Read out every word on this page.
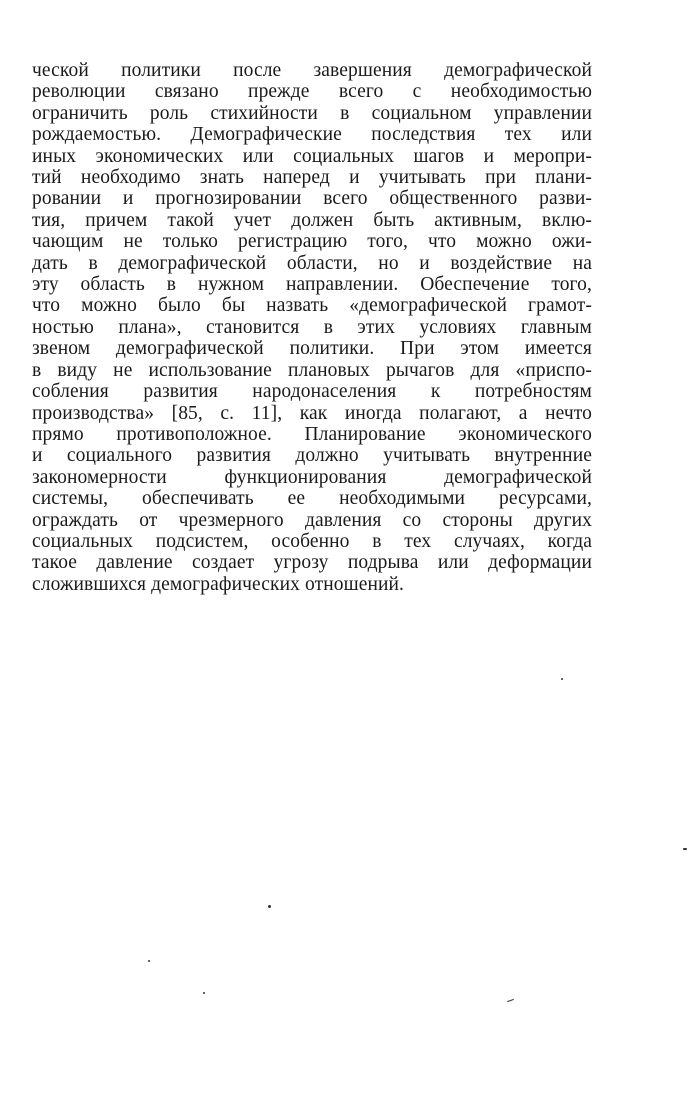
ческой политики после завершения демографической
революции связано прежде всего с необходимостью
ограничить роль стихийности в социальном управлении
рождаемостью. Демографические последствия тех или
иных экономических или социальных шагов и меропри-
тий необходимо знать наперед и учитывать при плани-
ровании и прогнозировании всего общественного разви-
тия, причем такой учет должен быть активным, вклю-
чающим не только регистрацию того, что можно ожи-
дать в демографической области, но и воздействие на
эту область в нужном направлении. Обеспечение того,
что можно было бы назвать «демографической грамот-
ностью плана», становится в этих условиях главным
звеном демографической политики. При этом имеется
в виду не использование плановых рычагов для «приспо-
собления развития народонаселения к потребностям
производства» [85, с. 11], как иногда полагают, а нечто
прямо противоположное. Планирование экономического
и социального развития должно учитывать внутренние
закономерности функционирования демографической
системы, обеспечивать ее необходимыми ресурсами,
ограждать от чрезмерного давления со стороны других
социальных подсистем, особенно в тех случаях, когда
такое давление создает угрозу подрыва или деформации
сложившихся демографических отношений.
